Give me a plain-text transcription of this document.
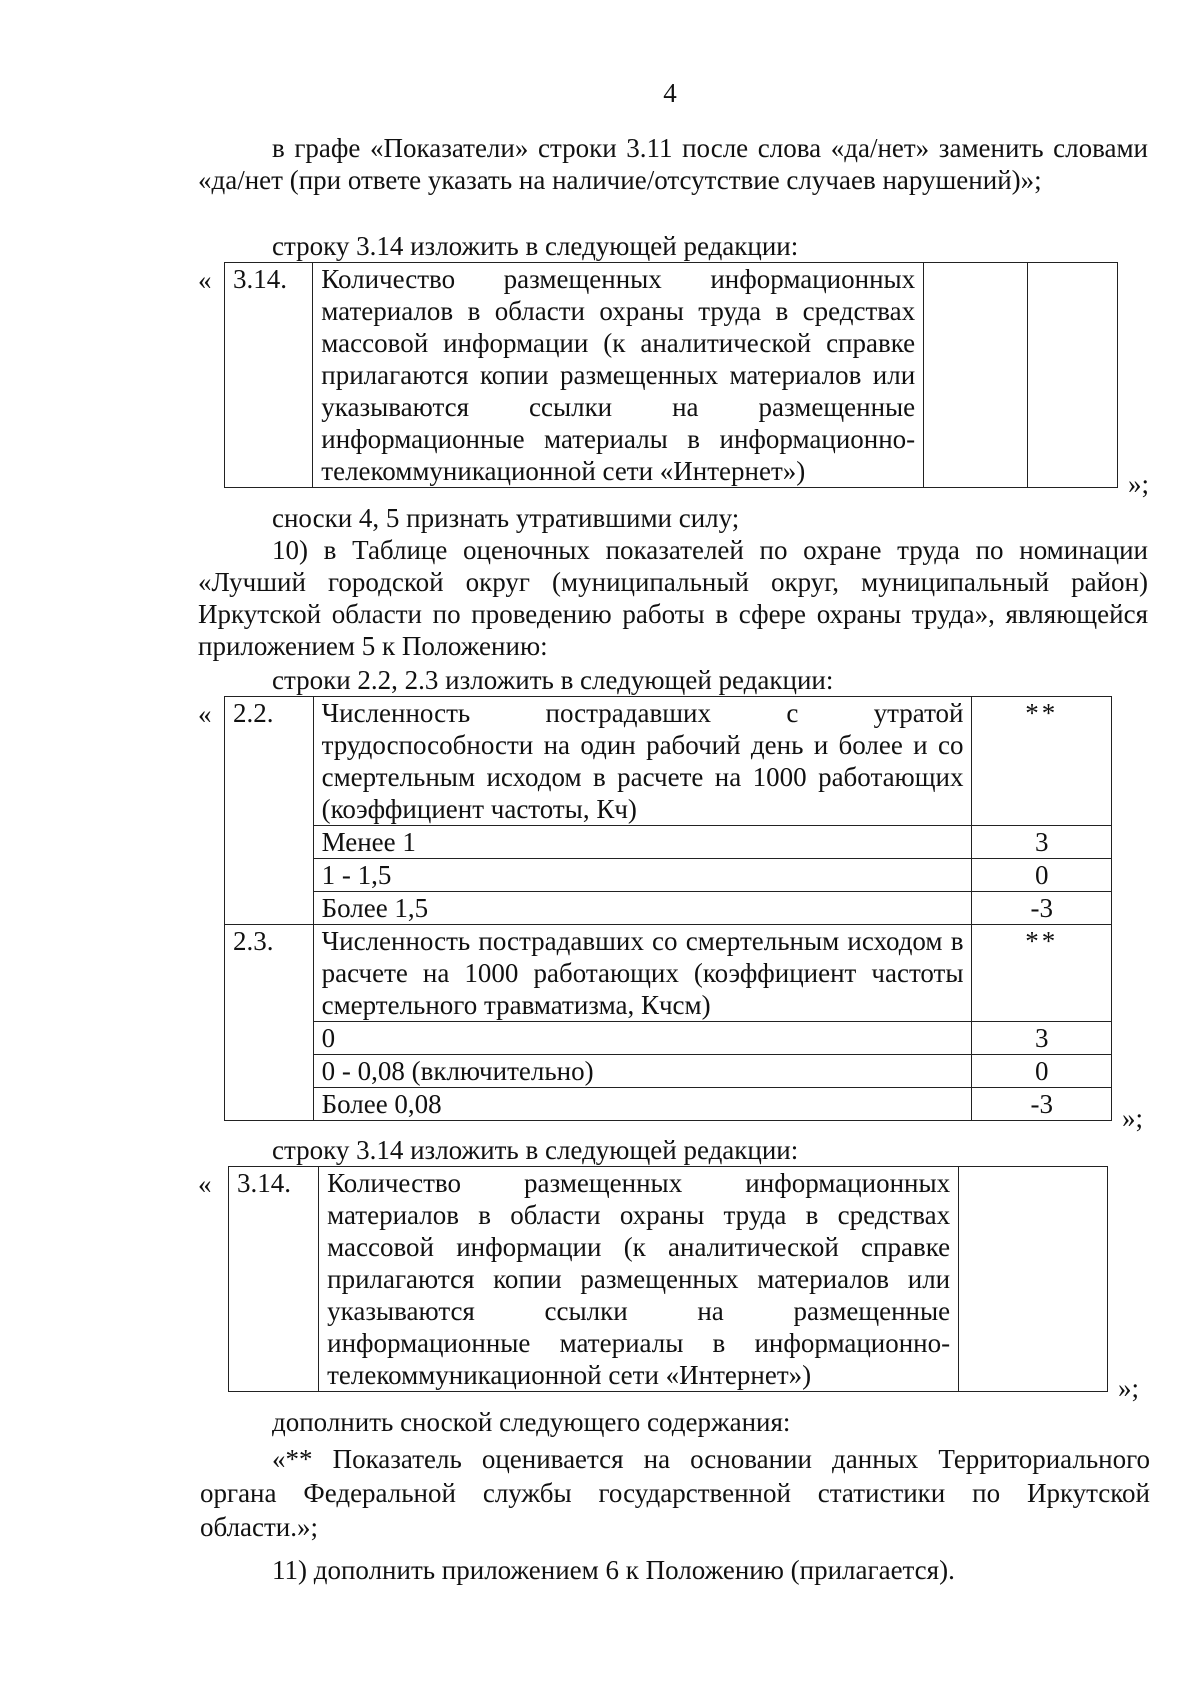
4
в графе «Показатели» строки 3.11 после слова «да/нет» заменить словами «да/нет (при ответе указать на наличие/отсутствие случаев нарушений)»;
строку 3.14 изложить в следующей редакции:
« 3.14.	Количество размещенных информационных материалов в области охраны труда в средствах массовой информации (к аналитической справке прилагаются копии размещенных материалов или указываются ссылки на размещенные информационные материалы в информационно-телекоммуникационной сети «Интернет»)			»;
сноски 4, 5 признать утратившими силу;
10) в Таблице оценочных показателей по охране труда по номинации «Лучший городской округ (муниципальный округ, муниципальный район) Иркутской области по проведению работы в сфере охраны труда», являющейся приложением 5 к Положению:
строки 2.2, 2.3 изложить в следующей редакции:
« 2.2.	Численность пострадавших с утратой трудоспособности на один рабочий день и более и со смертельным исходом в расчете на 1000 работающих (коэффициент частоты, Кч)	**
	Менее 1	3
	1 - 1,5	0
	Более 1,5	-3
2.3.	Численность пострадавших со смертельным исходом в расчете на 1000 работающих (коэффициент частоты смертельного травматизма, Кчсм)	**
	0	3
	0 - 0,08 (включительно)	0
	Более 0,08	-3	»;
строку 3.14 изложить в следующей редакции:
« 3.14.	Количество размещенных информационных материалов в области охраны труда в средствах массовой информации (к аналитической справке прилагаются копии размещенных материалов или указываются ссылки на размещенные информационные материалы в информационно-телекоммуникационной сети «Интернет»)		»;
дополнить сноской следующего содержания:
«** Показатель оценивается на основании данных Территориального органа Федеральной службы государственной статистики по Иркутской области.»;
11) дополнить приложением 6 к Положению (прилагается).
